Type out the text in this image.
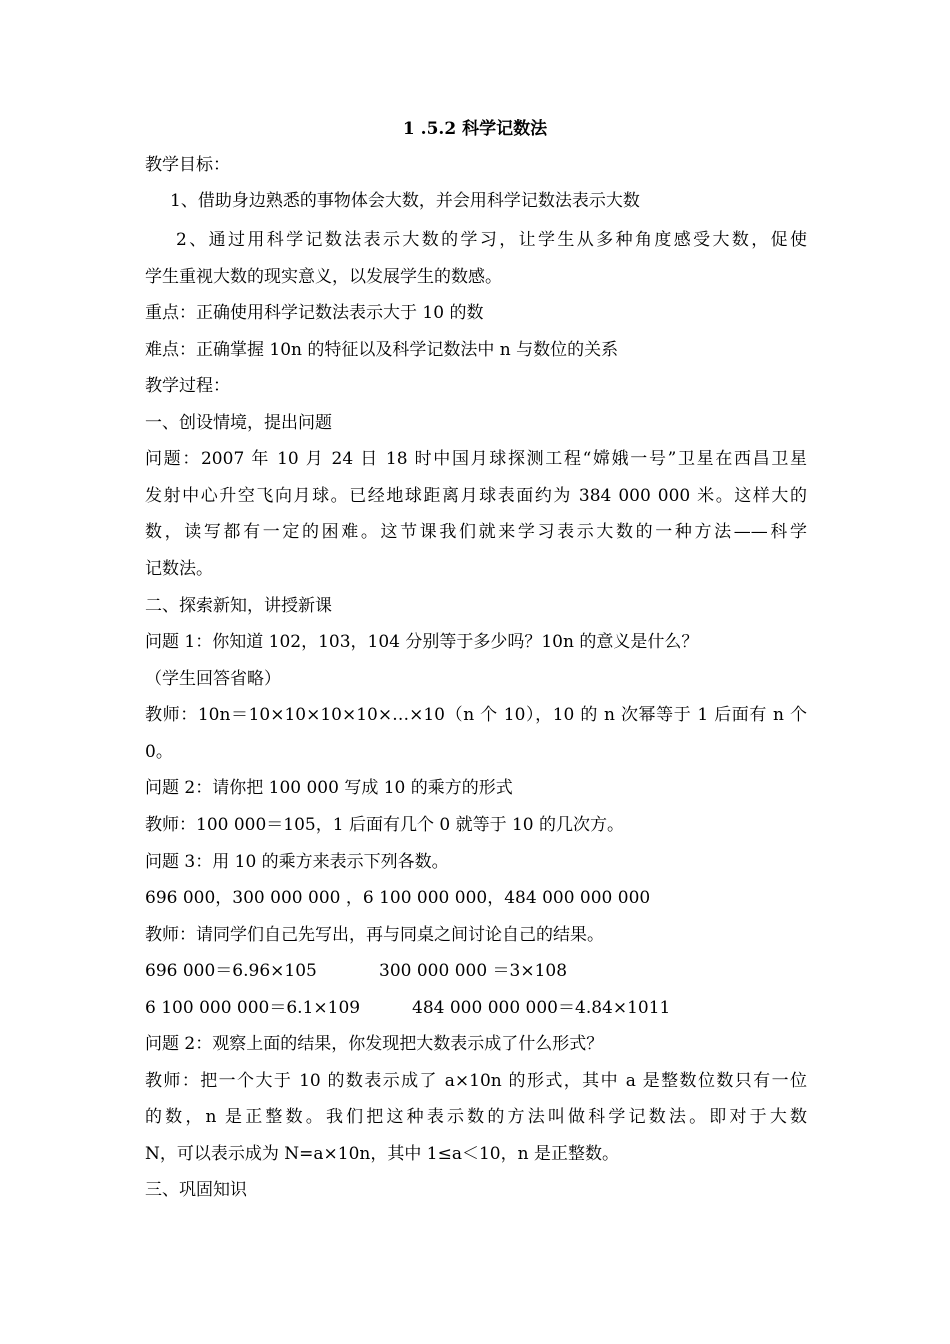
1 .5.2 科学记数法
教学目标：
1、借助身边熟悉的事物体会大数，并会用科学记数法表示大数
2、通过用科学记数法表示大数的学习，让学生从多种角度感受大数，促使
学生重视大数的现实意义，以发展学生的数感。
重点：正确使用科学记数法表示大于 10 的数
难点：正确掌握 10n 的特征以及科学记数法中 n 与数位的关系
教学过程：
一、创设情境，提出问题
问题：2007 年 10 月 24 日 18 时中国月球探测工程“嫦娥一号”卫星在西昌卫星
发射中心升空飞向月球。已经地球距离月球表面约为 384 000 000 米。这样大的
数，读写都有一定的困难。这节课我们就来学习表示大数的一种方法——科学
记数法。
二、探索新知，讲授新课
问题 1：你知道 102，103，104 分别等于多少吗？10n 的意义是什么？
（学生回答省略）
教师：10n＝10×10×10×10×…×10（n 个 10），10 的 n 次幂等于 1 后面有 n 个
0。
问题 2：请你把 100 000 写成 10 的乘方的形式
教师：100 000＝105，1 后面有几个 0 就等于 10 的几次方。
问题 3：用 10 的乘方来表示下列各数。
696 000，300 000 000 ，6 100 000 000，484 000 000 000
教师：请同学们自己先写出，再与同桌之间讨论自己的结果。
696 000＝6.96×105	300 000 000 ＝3×108
6 100 000 000＝6.1×109	484 000 000 000＝4.84×1011
问题 2：观察上面的结果，你发现把大数表示成了什么形式？
教师：把一个大于 10 的数表示成了 a×10n 的形式，其中 a 是整数位数只有一位
的数，n 是正整数。我们把这种表示数的方法叫做科学记数法。即对于大数
N，可以表示成为 N=a×10n，其中 1≤a＜10，n 是正整数。
三、巩固知识
